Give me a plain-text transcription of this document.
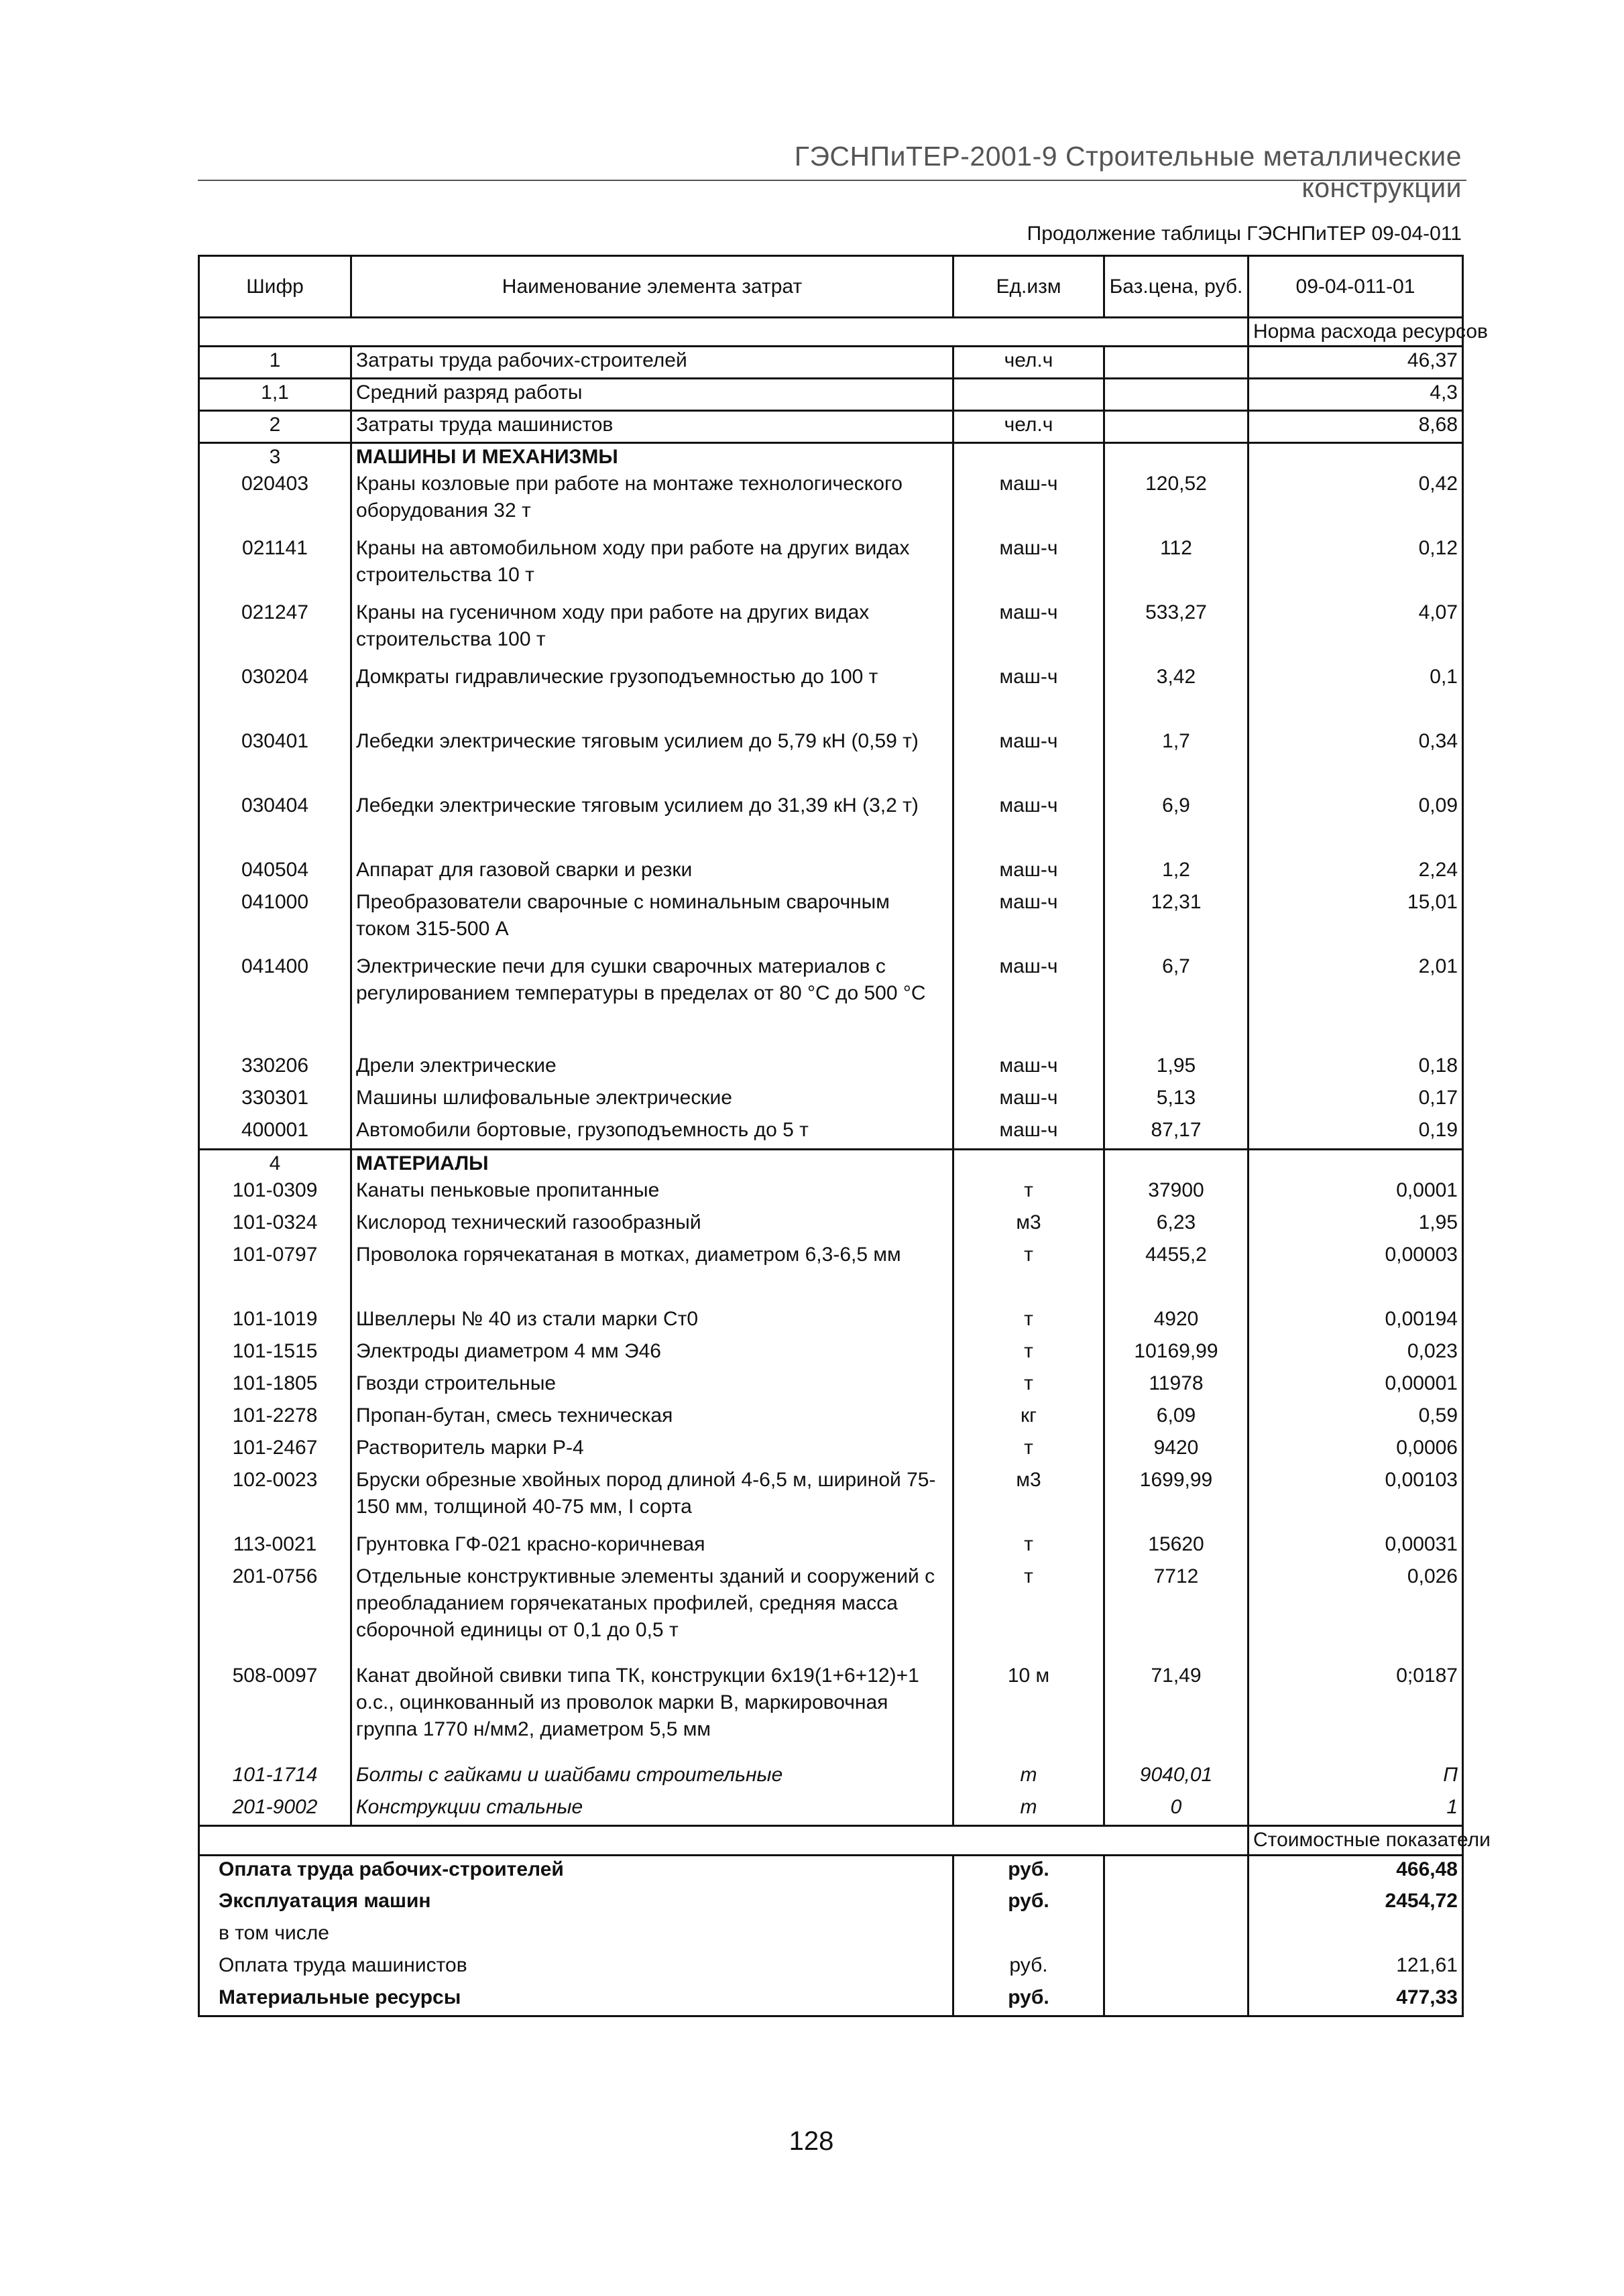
ГЭСНПиТЕР-2001-9 Строительные металлические конструкции
Продолжение таблицы ГЭСНПиТЕР 09-04-011
Шифр	Наименование элемента затрат	Ед.изм	Баз.цена, руб.	09-04-011-01
				Норма расхода ресурсов
1	Затраты труда рабочих-строителей	чел.ч		46,37
1,1	Средний разряд работы			4,3
2	Затраты труда машинистов	чел.ч		8,68
3	МАШИНЫ И МЕХАНИЗМЫ			
020403	Краны козловые при работе на монтаже технологического оборудования 32 т	маш-ч	120,52	0,42
021141	Краны на автомобильном ходу при работе на других видах строительства 10 т	маш-ч	112	0,12
021247	Краны на гусеничном ходу при работе на других видах строительства 100 т	маш-ч	533,27	4,07
030204	Домкраты гидравлические грузоподъемностью до 100 т	маш-ч	3,42	0,1
030401	Лебедки электрические тяговым усилием до 5,79 кН (0,59 т)	маш-ч	1,7	0,34
030404	Лебедки электрические тяговым усилием до 31,39 кН (3,2 т)	маш-ч	6,9	0,09
040504	Аппарат для газовой сварки и резки	маш-ч	1,2	2,24
041000	Преобразователи сварочные с номинальным сварочным током 315-500 А	маш-ч	12,31	15,01
041400	Электрические печи для сушки сварочных материалов с регулированием температуры в пределах от 80 °С до 500 °С	маш-ч	6,7	2,01
330206	Дрели электрические	маш-ч	1,95	0,18
330301	Машины шлифовальные электрические	маш-ч	5,13	0,17
400001	Автомобили бортовые, грузоподъемность до 5 т	маш-ч	87,17	0,19
4	МАТЕРИАЛЫ			
101-0309	Канаты пеньковые пропитанные	т	37900	0,0001
101-0324	Кислород технический газообразный	м3	6,23	1,95
101-0797	Проволока горячекатаная в мотках, диаметром 6,3-6,5 мм	т	4455,2	0,00003
101-1019	Швеллеры № 40 из стали марки Ст0	т	4920	0,00194
101-1515	Электроды диаметром 4 мм Э46	т	10169,99	0,023
101-1805	Гвозди строительные	т	11978	0,00001
101-2278	Пропан-бутан, смесь техническая	кг	6,09	0,59
101-2467	Растворитель марки Р-4	т	9420	0,0006
102-0023	Бруски обрезные хвойных пород длиной 4-6,5 м, шириной 75-150 мм, толщиной 40-75 мм, I сорта	м3	1699,99	0,00103
113-0021	Грунтовка ГФ-021 красно-коричневая	т	15620	0,00031
201-0756	Отдельные конструктивные элементы зданий и сооружений с преобладанием горячекатаных профилей, средняя масса сборочной единицы от 0,1 до 0,5 т	т	7712	0,026
508-0097	Канат двойной свивки типа ТК, конструкции 6х19(1+6+12)+1 о.с., оцинкованный из проволок марки В, маркировочная группа 1770 н/мм2, диаметром 5,5 мм	10 м	71,49	0;0187
101-1714	Болты с гайками и шайбами строительные	т	9040,01	П
201-9002	Конструкции стальные	т	0	1
				Стоимостные показатели
Оплата труда рабочих-строителей		руб.		466,48
Эксплуатация машин		руб.		2454,72
в том числе				
Оплата труда машинистов		руб.		121,61
Материальные ресурсы		руб.		477,33
128
